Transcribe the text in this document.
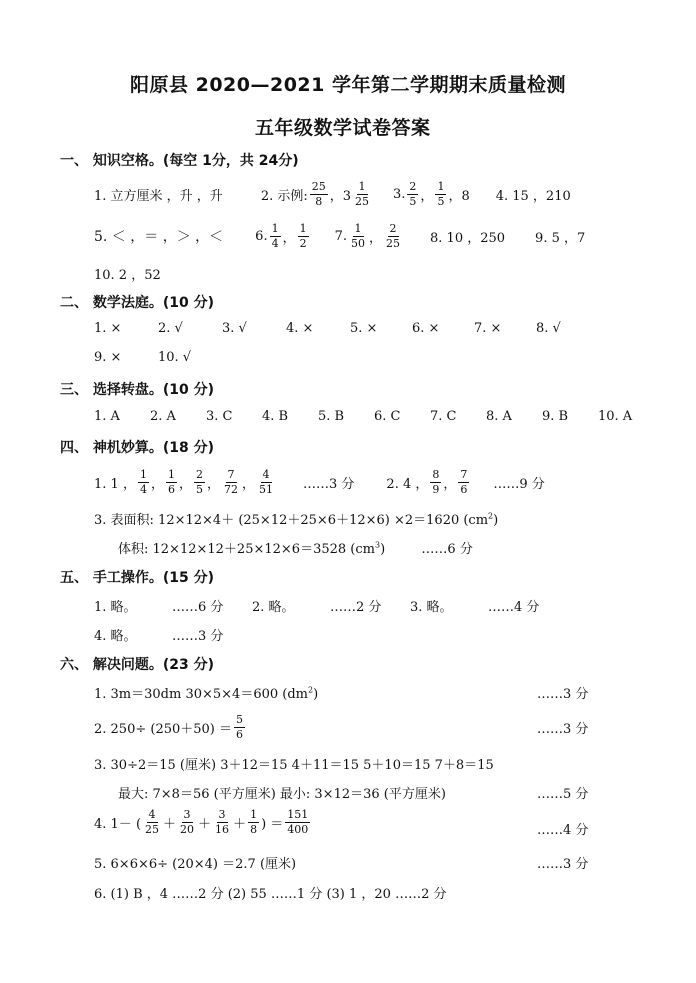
阳原县 2020—2021 学年第二学期期末质量检测
五年级数学试卷答案
一、 知识空格。(每空 1分，共 24分)
1. 立方厘米 ，升 ，升	2. 示例: $\frac{25}{8}$ ，$3 \frac{1}{25} 3$. $\frac{2}{5}$ ， $\frac{1}{5}$ ，8 4. 15 ，210
5. ＜ ，＝ ，＞ ，＜ 6. $\frac{1}{4}$ ， $\frac{1}{2} 7$. $\frac{1}{50}$ ， $\frac{2}{25} 8$. 10 ，250 9. 5 ，7
10. 2 ，52
二、 数学法庭。(10 分)
1. ×	2. √	3. √	4. ×	5. ×	6. ×	7. ×	8. √
9. ×	10. √
三、 选择转盘。(10 分)
1. A 2. A 3. C 4. B 5. B 6. C 7. C 8. A 9. B 10. A
四、 神机妙算。(18 分)
1. 1 ， $\frac{1}{4}$ ， $\frac{1}{6}$ ， $\frac{2}{5}$ ， $\frac{7}{72}$ ， $\frac{4}{51}$ ……3 分 2. 4 ， $\frac{8}{9}$ ， $\frac{7}{6}$ ……9 分
3. 表面积: 12×12×4＋ (25×12＋25×6＋12×6) ×2＝1620 $(cm^2)$
体积: 12×12×12＋25×12×6＝3528 $(cm^3)$	……6 分
五、 手工操作。(15 分)
1. 略。	……6 分 2. 略。	……2 分 3. 略。	……4 分
4. 略。	……3 分
六、 解决问题。(23 分)
1. 3m＝30dm 30×5×4＝600 $(dm^2)$	……3 分
2. $250\div (250+50) = \frac{5}{6}$	……3 分
3. 30÷2＝15 (厘米) 3＋12＝15 4＋11＝15 5＋10＝15 7＋8＝15
最大: 7×8＝56 (平方厘米) 最小: 3×12＝36 (平方厘米)	……5 分
4. 1－ ( $\frac{4}{25} + \frac{3}{20} + \frac{3}{16} + \frac{1}{8}$ ) ＝ $\frac{151}{400}$	……4 分
5. 6×6×6÷ (20×4) ＝2.7 (厘米)	……3 分
6. (1) B ，4 ……2 分 (2) 55 ……1 分 (3) 1 ，20 ……2 分
